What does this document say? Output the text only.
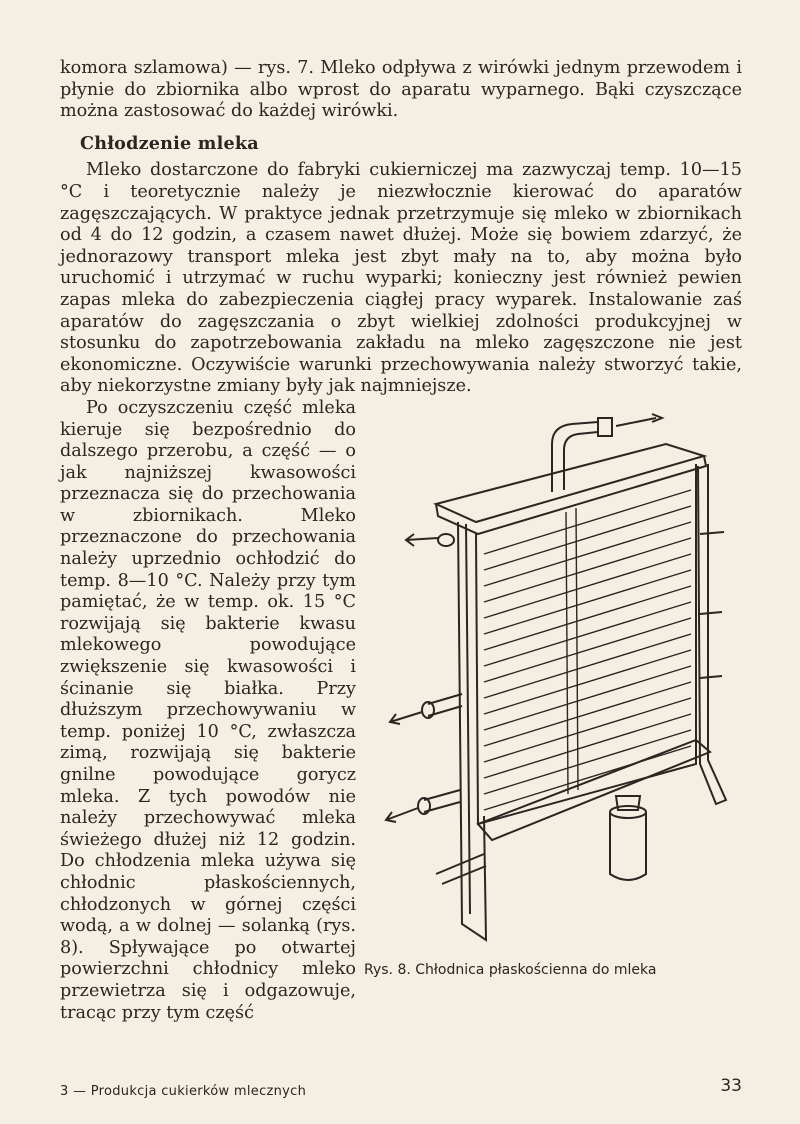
komora szlamowa) — rys. 7. Mleko odpływa z wirówki jednym przewodem i płynie do zbiornika albo wprost do aparatu wyparnego. Bąki czyszczące można zastosować do każdej wirówki.

Chłodzenie mleka

Mleko dostarczone do fabryki cukierniczej ma zazwyczaj temp. 10—15 °C i teoretycznie należy je niezwłocznie kierować do aparatów zagęszczających. W praktyce jednak przetrzymuje się mleko w zbiornikach od 4 do 12 godzin, a czasem nawet dłużej. Może się bowiem zdarzyć, że jednorazowy transport mleka jest zbyt mały na to, aby można było uruchomić i utrzymać w ruchu wyparki; konieczny jest również pewien zapas mleka do zabezpieczenia ciągłej pracy wyparek. Instalowanie zaś aparatów do zagęszczania o zbyt wielkiej zdolności produkcyjnej w stosunku do zapotrzebowania zakładu na mleko zagęszczone nie jest ekonomiczne. Oczywiście warunki przechowywania należy stworzyć takie, aby niekorzystne zmiany były jak najmniejsze.

Rys. 8. Chłodnica płaskościenna do mleka

Po oczyszczeniu część mleka kieruje się bezpośrednio do dalszego przerobu, a część — o jak najniższej kwasowości przeznacza się do przechowania w zbiornikach. Mleko przeznaczone do przechowania należy uprzednio ochłodzić do temp. 8—10 °C. Należy przy tym pamiętać, że w temp. ok. 15 °C rozwijają się bakterie kwasu mlekowego powodujące zwiększenie się kwasowości i ścinanie się białka. Przy dłuższym przechowywaniu w temp. poniżej 10 °C, zwłaszcza zimą, rozwijają się bakterie gnilne powodujące gorycz mleka. Z tych powodów nie należy przechowywać mleka świeżego dłużej niż 12 godzin. Do chłodzenia mleka używa się chłodnic płaskościennych, chłodzonych w górnej części wodą, a w dolnej — solanką (rys. 8). Spływające po otwartej powierzchni chłodnicy mleko przewietrza się i odgazowuje, tracąc przy tym część

3 — Produkcja cukierków mlecznych	33
